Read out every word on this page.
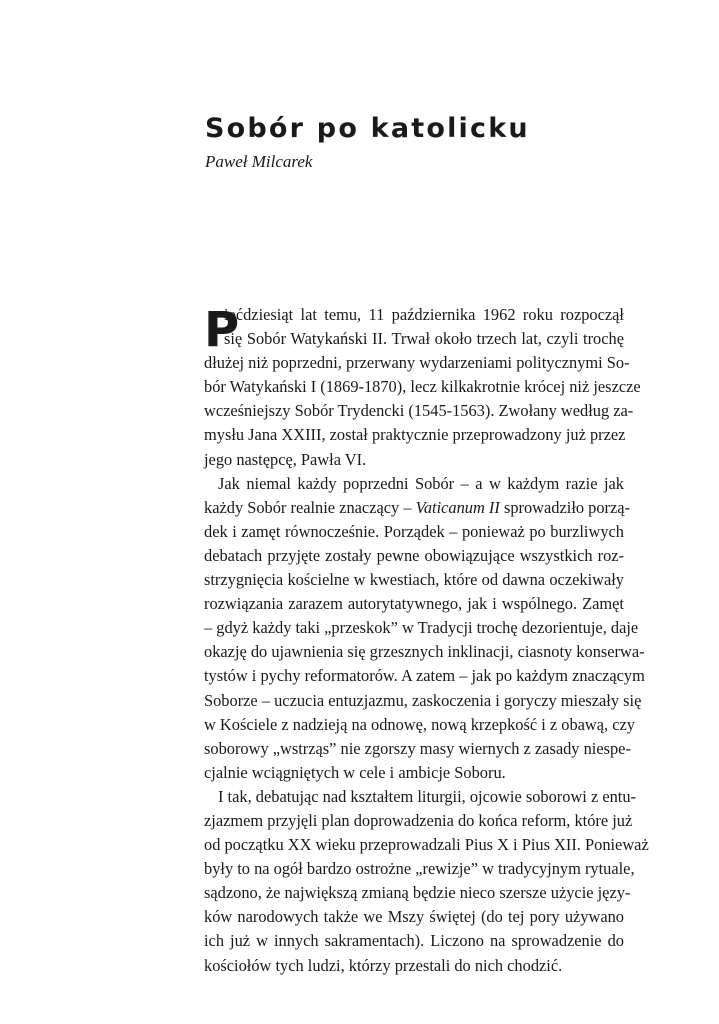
Sobór po katolicku

Paweł Milcarek

P
ięćdziesiąt lat temu, 11 października 1962 roku rozpoczął
się Sobór Watykański II. Trwał około trzech lat, czyli trochę
dłużej niż poprzedni, przerwany wydarzeniami politycznymi So-
bór Watykański I (1869-1870), lecz kilkakrotnie krócej niż jeszcze
wcześniejszy Sobór Trydencki (1545-1563). Zwołany według za-
mysłu Jana XXIII, został praktycznie przeprowadzony już przez
jego następcę, Pawła VI.
Jak niemal każdy poprzedni Sobór – a w każdym razie jak
każdy Sobór realnie znaczący – Vaticanum II sprowadziło porzą-
dek i zamęt równocześnie. Porządek – ponieważ po burzliwych
debatach przyjęte zostały pewne obowiązujące wszystkich roz-
strzygnięcia kościelne w kwestiach, które od dawna oczekiwały
rozwiązania zarazem autorytatywnego, jak i wspólnego. Zamęt
– gdyż każdy taki „przeskok” w Tradycji trochę dezorientuje, daje
okazję do ujawnienia się grzesznych inklinacji, ciasnoty konserwa-
tystów i pychy reformatorów. A zatem – jak po każdym znaczącym
Soborze – uczucia entuzjazmu, zaskoczenia i goryczy mieszały się
w Kościele z nadzieją na odnowę, nową krzepkość i z obawą, czy
soborowy „wstrząs” nie zgorszy masy wiernych z zasady niespe-
cjalnie wciągniętych w cele i ambicje Soboru.
I tak, debatując nad kształtem liturgii, ojcowie soborowi z entu-
zjazmem przyjęli plan doprowadzenia do końca reform, które już
od początku XX wieku przeprowadzali Pius X i Pius XII. Ponieważ
były to na ogół bardzo ostrożne „rewizje” w tradycyjnym rytuale,
sądzono, że największą zmianą będzie nieco szersze użycie języ-
ków narodowych także we Mszy świętej (do tej pory używano
ich już w innych sakramentach). Liczono na sprowadzenie do
kościołów tych ludzi, którzy przestali do nich chodzić.
